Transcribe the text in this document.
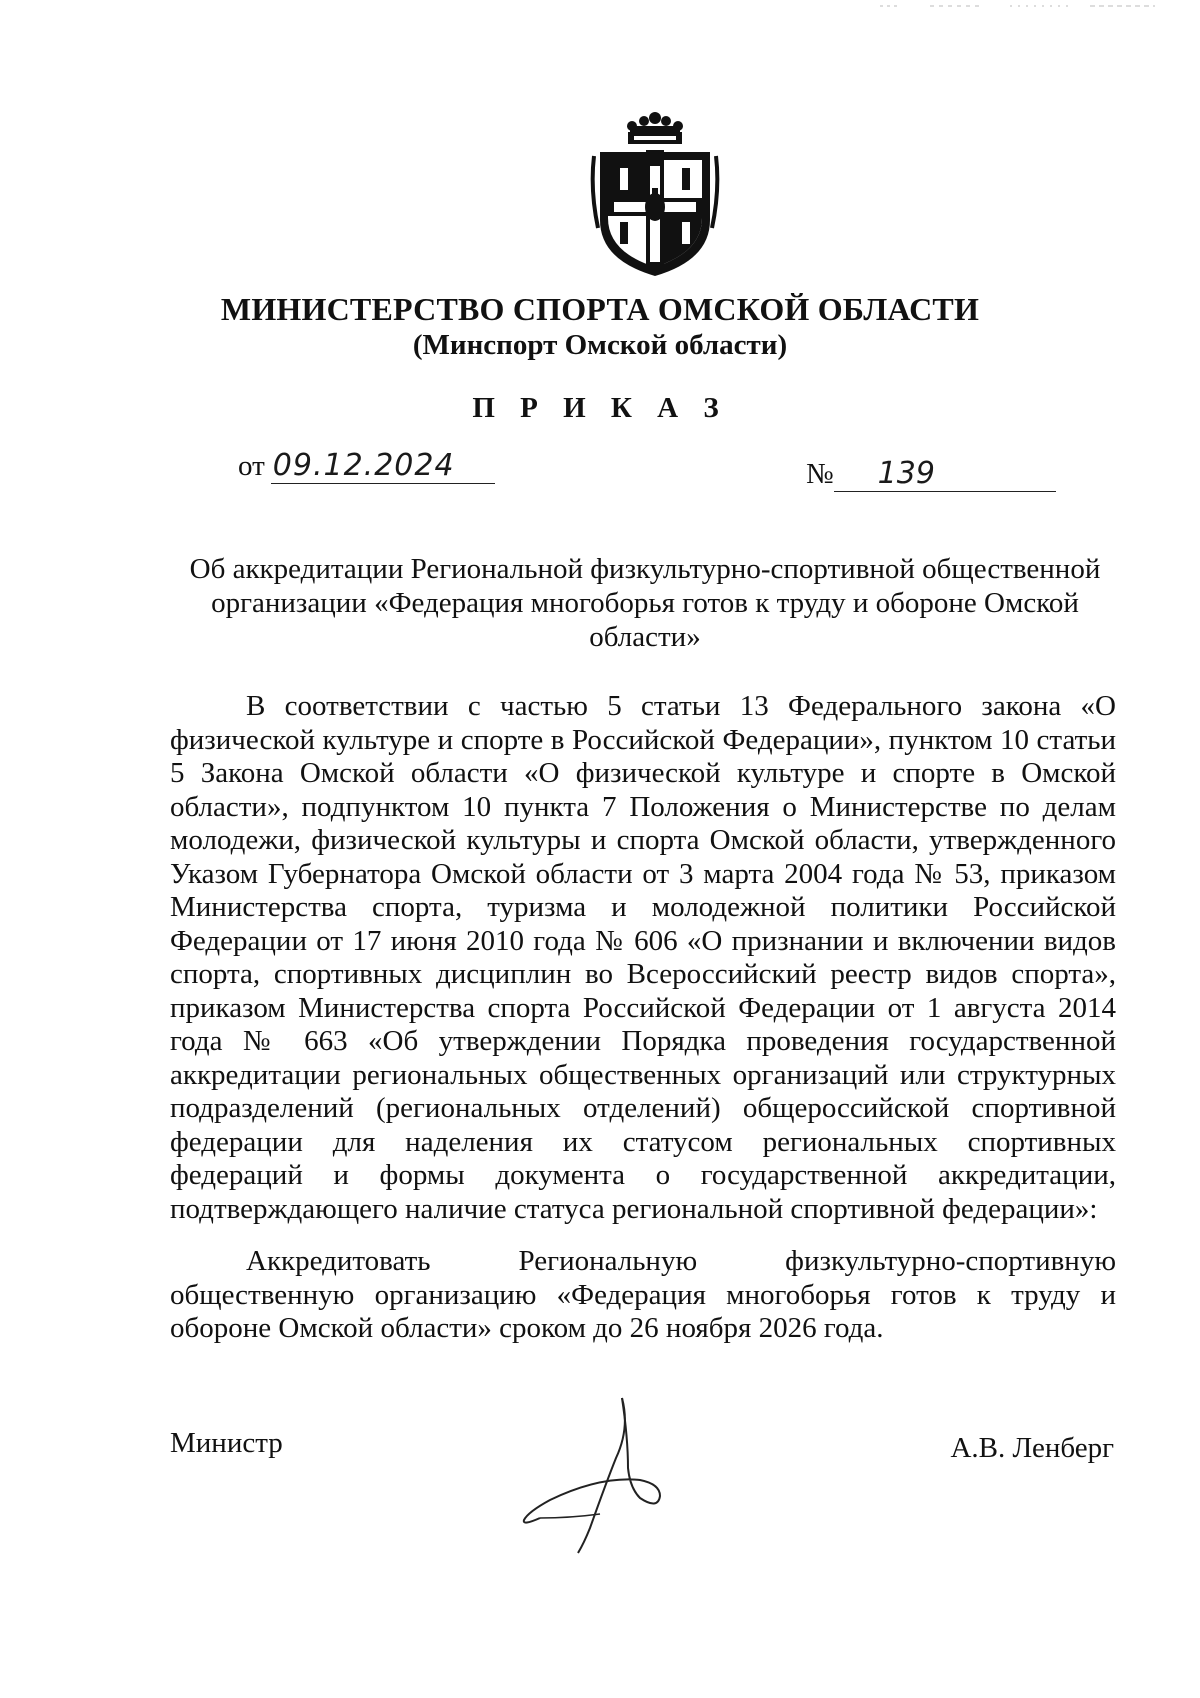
МИНИСТЕРСТВО СПОРТА ОМСКОЙ ОБЛАСТИ
(Минспорт Омской области)
П Р И К А З
от 09.12.2024	№	139
Об аккредитации Региональной физкультурно-спортивной общественной организации «Федерация многоборья готов к труду и обороне Омской области»
В соответствии с частью 5 статьи 13 Федерального закона «О физической культуре и спорте в Российской Федерации», пунктом 10 статьи 5 Закона Омской области «О физической культуре и спорте в Омской области», подпунктом 10 пункта 7 Положения о Министерстве по делам молодежи, физической культуры и спорта Омской области, утвержденного Указом Губернатора Омской области от 3 марта 2004 года № 53, приказом Министерства спорта, туризма и молодежной политики Российской Федерации от 17 июня 2010 года № 606 «О признании и включении видов спорта, спортивных дисциплин во Всероссийский реестр видов спорта», приказом Министерства спорта Российской Федерации от 1 августа 2014 года № 663 «Об утверждении Порядка проведения государственной аккредитации региональных общественных организаций или структурных подразделений (региональных отделений) общероссийской спортивной федерации для наделения их статусом региональных спортивных федераций и формы документа о государственной аккредитации, подтверждающего наличие статуса региональной спортивной федерации»:
Аккредитовать Региональную физкультурно-спортивную общественную организацию «Федерация многоборья готов к труду и обороне Омской области» сроком до 26 ноября 2026 года.
Министр	А.В. Ленберг
